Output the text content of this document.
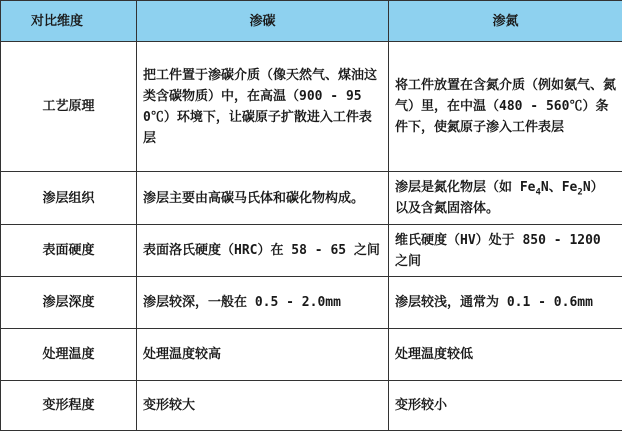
对比维度	渗碳	渗氮
工艺原理	把工件置于渗碳介质（像天然气、煤油这类含碳物质）中，在高温（900 - 950℃）环境下，让碳原子扩散进入工件表层	将工件放置在含氮介质（例如氨气、氮气）里，在中温（480 - 560℃）条件下，使氮原子渗入工件表层
渗层组织	渗层主要由高碳马氏体和碳化物构成。	渗层是氮化物层（如 $Fe_4N$、$Fe_2N$）以及含氮固溶体。
表面硬度	表面洛氏硬度（HRC）在 58 - 65 之间	维氏硬度（HV）处于 850 - 1200 之间
渗层深度	渗层较深，一般在 0.5 - 2.0mm	渗层较浅，通常为 0.1 - 0.6mm
处理温度	处理温度较高	处理温度较低
变形程度	变形较大	变形较小
